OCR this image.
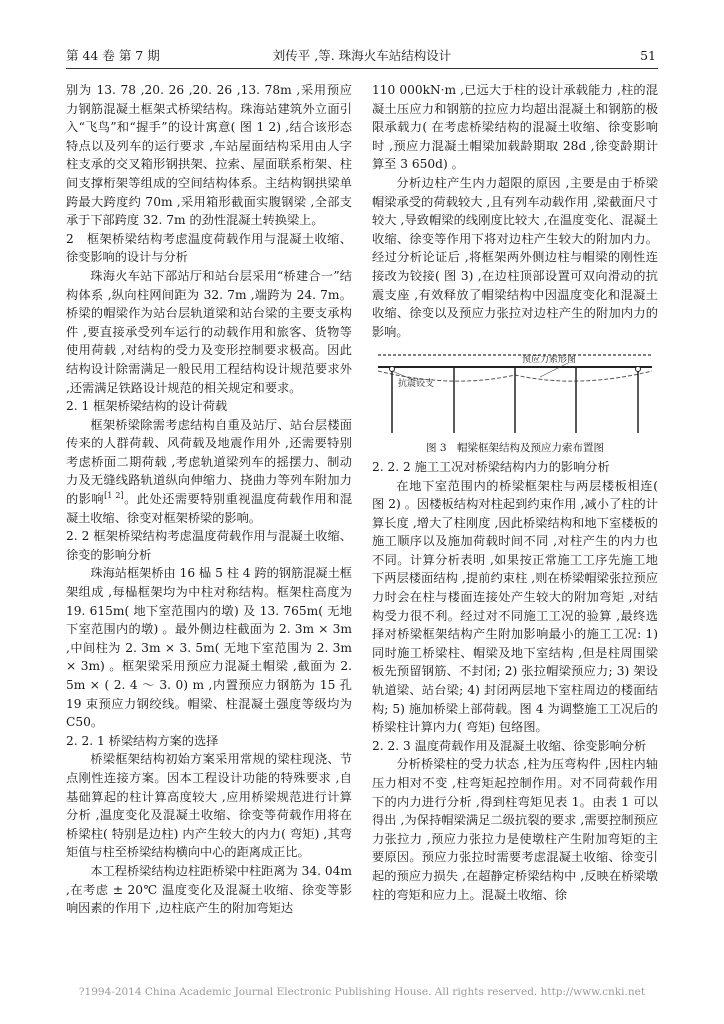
第 44 卷 第 7 期	刘传平 ,等. 珠海火车站结构设计	51

别为 13. 78 ,20. 26 ,20. 26 ,13. 78m ,采用预应力钢筋混凝土框架式桥梁结构。珠海站建筑外立面引入“飞鸟”和“握手”的设计寓意( 图 1 2) ,结合该形态特点以及列车的运行要求 ,车站屋面结构采用由人字柱支承的交叉箱形钢拱架、拉索、屋面联系桁架、柱间支撑桁架等组成的空间结构体系。主结构钢拱梁单跨最大跨度约 70m ,采用箱形截面实腹钢梁 ,全部支承于下部跨度 32. 7m 的劲性混凝土转换梁上。

2　框架桥梁结构考虑温度荷载作用与混凝土收缩、徐变影响的设计与分析

珠海火车站下部站厅和站台层采用“桥建合一”结构体系 ,纵向柱网间距为 32. 7m ,端跨为 24. 7m。桥梁的帽梁作为站台层轨道梁和站台梁的主要支承构件 ,要直接承受列车运行的动载作用和旅客、货物等使用荷载 ,对结构的受力及变形控制要求极高。因此结构设计除需满足一般民用工程结构设计规范要求外 ,还需满足铁路设计规范的相关规定和要求。

2. 1 框架桥梁结构的设计荷载

框架桥梁除需考虑结构自重及站厅、站台层楼面传来的人群荷载、风荷载及地震作用外 ,还需要特别考虑桥面二期荷载 ,考虑轨道梁列车的摇摆力、制动力及无缝线路轨道纵向伸缩力、挠曲力等列车附加力的影响[1 2]。此处还需要特别重视温度荷载作用和混凝土收缩、徐变对框架桥梁的影响。

2. 2 框架桥梁结构考虑温度荷载作用与混凝土收缩、徐变的影响分析

珠海站框架桥由 16 榀 5 柱 4 跨的钢筋混凝土框架组成 ,每榀框架均为中柱对称结构。框架柱高度为 19. 615m( 地下室范围内的墩) 及 13. 765m( 无地下室范围内的墩) 。最外侧边柱截面为 2. 3m × 3m ,中间柱为 2. 3m × 3. 5m( 无地下室范围为 2. 3m × 3m) 。框架梁采用预应力混凝土帽梁 ,截面为 2. 5m × ( 2. 4 ～ 3. 0) m ,内置预应力钢筋为 15 孔 19 束预应力钢绞线。帽梁、柱混凝土强度等级均为 C50。

2. 2. 1 桥梁结构方案的选择

桥梁框架结构初始方案采用常规的梁柱现浇、节点刚性连接方案。因本工程设计功能的特殊要求 ,自基础算起的柱计算高度较大 ,应用桥梁规范进行计算分析 ,温度变化及混凝土收缩、徐变等荷载作用将在桥梁柱( 特别是边柱) 内产生较大的内力( 弯矩) ,其弯矩值与柱至桥梁结构横向中心的距离成正比。

本工程桥梁结构边柱距桥梁中柱距离为 34. 04m ,在考虑 ± 20℃ 温度变化及混凝土收缩、徐变等影响因素的作用下 ,边柱底产生的附加弯矩达

110 000kN·m ,已远大于柱的设计承载能力 ,柱的混凝土压应力和钢筋的拉应力均超出混凝土和钢筋的极限承载力( 在考虑桥梁结构的混凝土收缩、徐变影响时 ,预应力混凝土帽梁加载龄期取 28d ,徐变龄期计算至 3 650d) 。

分析边柱产生内力超限的原因 ,主要是由于桥梁帽梁承受的荷载较大 ,且有列车动载作用 ,梁截面尺寸较大 ,导致帽梁的线刚度比较大 ,在温度变化、混凝土收缩、徐变等作用下将对边柱产生较大的附加内力。经过分析论证后 ,将框架两外侧边柱与帽梁的刚性连接改为铰接( 图 3) ,在边柱顶部设置可双向滑动的抗震支座 ,有效释放了帽梁结构中因温度变化和混凝土收缩、徐变以及预应力张拉对边柱产生的附加内力的影响。

抗震铰支
预应力索形图

图 3　帽梁框架结构及预应力索布置图

2. 2. 2 施工工况对桥梁结构内力的影响分析

在地下室范围内的桥梁框架柱与两层楼板相连( 图 2) 。因楼板结构对柱起到约束作用 ,减小了柱的计算长度 ,增大了柱刚度 ,因此桥梁结构和地下室楼板的施工顺序以及施加荷载时间不同 ,对柱产生的内力也不同。计算分析表明 ,如果按正常施工工序先施工地下两层楼面结构 ,提前约束柱 ,则在桥梁帽梁张拉预应力时会在柱与楼面连接处产生较大的附加弯矩 ,对结构受力很不利。经过对不同施工工况的验算 ,最终选择对桥梁框架结构产生附加影响最小的施工工况: 1) 同时施工桥梁柱、帽梁及地下室结构 ,但是柱周围梁板先预留钢筋、不封闭; 2) 张拉帽梁预应力; 3) 架设轨道梁、站台梁; 4) 封闭两层地下室柱周边的楼面结构; 5) 施加桥梁上部荷载。图 4 为调整施工工况后的桥梁柱计算内力( 弯矩) 包络图。

2. 2. 3 温度荷载作用及混凝土收缩、徐变影响分析

分析桥梁柱的受力状态 ,柱为压弯构件 ,因柱内轴压力相对不变 ,柱弯矩起控制作用。对不同荷载作用下的内力进行分析 ,得到柱弯矩见表 1。由表 1 可以得出 ,为保持帽梁满足二级抗裂的要求 ,需要控制预应力张拉力 ,预应力张拉力是使墩柱产生附加弯矩的主要原因。预应力张拉时需要考虑混凝土收缩、徐变引起的预应力损失 ,在超静定桥梁结构中 ,反映在桥梁墩柱的弯矩和应力上。混凝土收缩、徐

?1994-2014 China Academic Journal Electronic Publishing House. All rights reserved. http://www.cnki.net
